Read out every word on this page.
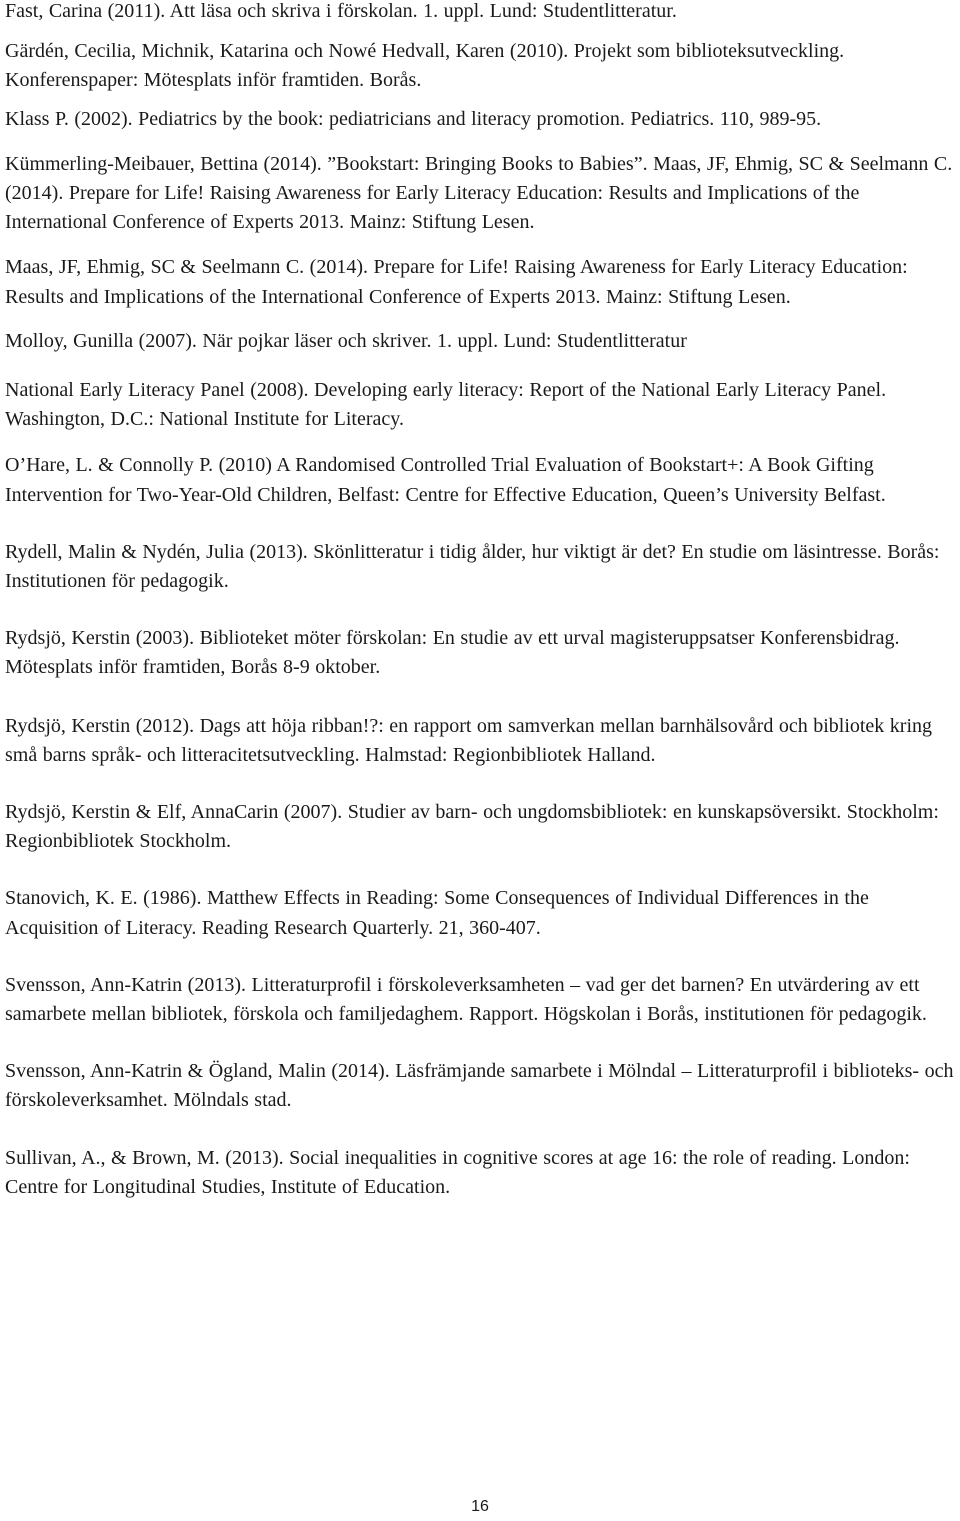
Fast, Carina (2011). Att läsa och skriva i förskolan. 1. uppl. Lund: Studentlitteratur.

Gärdén, Cecilia, Michnik, Katarina och Nowé Hedvall, Karen (2010). Projekt som biblioteksutveckling. Konferenspaper: Mötesplats inför framtiden. Borås.

Klass P. (2002). Pediatrics by the book: pediatricians and literacy promotion. Pediatrics. 110, 989-95.

Kümmerling-Meibauer, Bettina (2014). ”Bookstart: Bringing Books to Babies”. Maas, JF, Ehmig, SC & Seelmann C. (2014). Prepare for Life! Raising Awareness for Early Literacy Education: Results and Implications of the International Conference of Experts 2013. Mainz: Stiftung Lesen.

Maas, JF, Ehmig, SC & Seelmann C. (2014). Prepare for Life! Raising Awareness for Early Literacy Education: Results and Implications of the International Conference of Experts 2013. Mainz: Stiftung Lesen.

Molloy, Gunilla (2007). När pojkar läser och skriver. 1. uppl. Lund: Studentlitteratur

National Early Literacy Panel (2008). Developing early literacy: Report of the National Early Literacy Panel. Washington, D.C.: National Institute for Literacy.

O’Hare, L. & Connolly P. (2010) A Randomised Controlled Trial Evaluation of Bookstart+: A Book Gifting Intervention for Two-Year-Old Children, Belfast: Centre for Effective Education, Queen’s University Belfast.

Rydell, Malin & Nydén, Julia (2013). Skönlitteratur i tidig ålder, hur viktigt är det? En studie om läsintresse. Borås: Institutionen för pedagogik.

Rydsjö, Kerstin (2003). Biblioteket möter förskolan: En studie av ett urval magisteruppsatser Konferensbidrag. Mötesplats inför framtiden, Borås 8-9 oktober.

Rydsjö, Kerstin (2012). Dags att höja ribban!?: en rapport om samverkan mellan barnhälsovård och bibliotek kring små barns språk- och litteracitetsutveckling. Halmstad: Regionbibliotek Halland.

Rydsjö, Kerstin & Elf, AnnaCarin (2007). Studier av barn- och ungdomsbibliotek: en kunskapsöversikt. Stockholm: Regionbibliotek Stockholm.

Stanovich, K. E. (1986). Matthew Effects in Reading: Some Consequences of Individual Differences in the Acquisition of Literacy. Reading Research Quarterly. 21, 360-407.

Svensson, Ann-Katrin (2013). Litteraturprofil i förskoleverksamheten – vad ger det barnen? En utvärdering av ett samarbete mellan bibliotek, förskola och familjedaghem. Rapport. Högskolan i Borås, institutionen för pedagogik.

Svensson, Ann-Katrin & Ögland, Malin (2014). Läsfrämjande samarbete i Mölndal – Litteraturprofil i biblioteks- och förskoleverksamhet. Mölndals stad.

Sullivan, A., & Brown, M. (2013). Social inequalities in cognitive scores at age 16: the role of reading. London: Centre for Longitudinal Studies, Institute of Education.

16
